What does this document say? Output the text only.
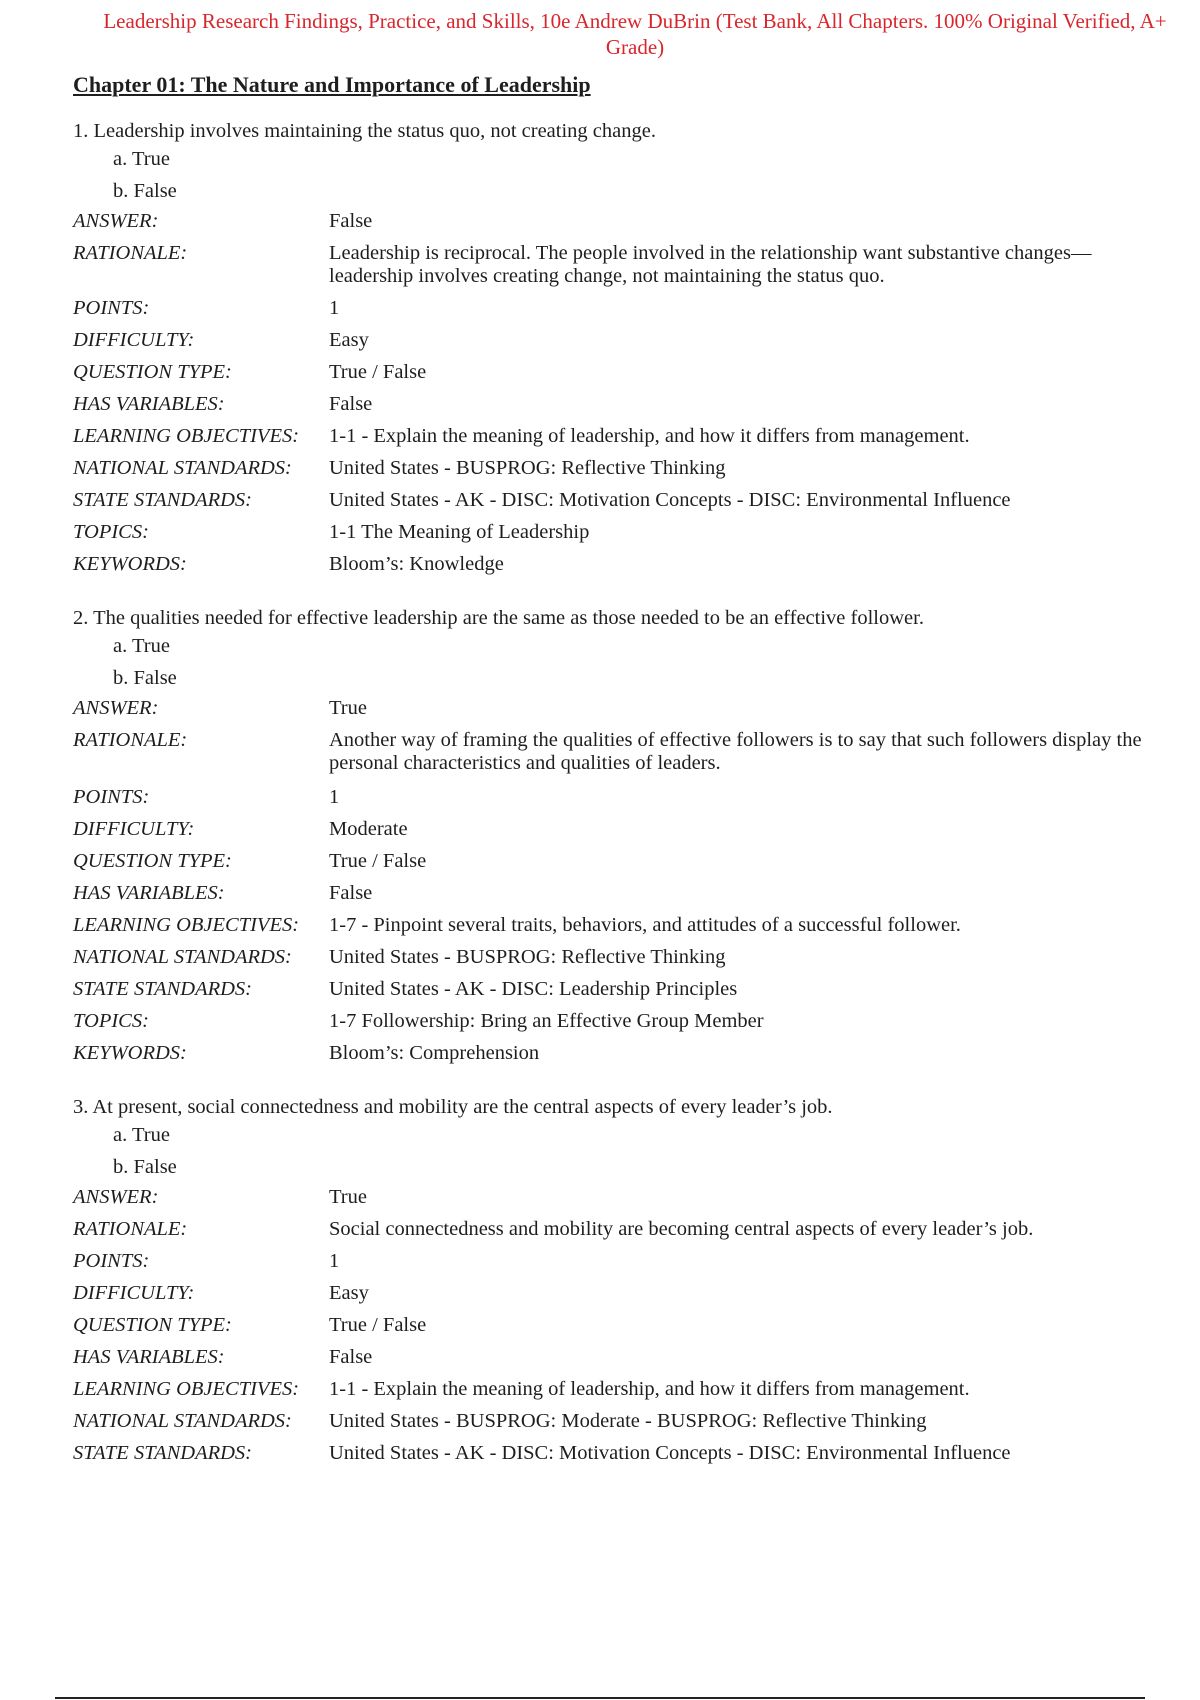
Leadership Research Findings, Practice, and Skills, 10e Andrew DuBrin (Test Bank, All Chapters. 100% Original Verified, A+ Grade)
Chapter 01: The Nature and Importance of Leadership
1. Leadership involves maintaining the status quo, not creating change.
a. True
b. False
ANSWER:	False
RATIONALE:	Leadership is reciprocal. The people involved in the relationship want substantive changes—leadership involves creating change, not maintaining the status quo.
POINTS:	1
DIFFICULTY:	Easy
QUESTION TYPE:	True / False
HAS VARIABLES:	False
LEARNING OBJECTIVES:	1-1 - Explain the meaning of leadership, and how it differs from management.
NATIONAL STANDARDS:	United States - BUSPROG: Reflective Thinking
STATE STANDARDS:	United States - AK - DISC: Motivation Concepts - DISC: Environmental Influence
TOPICS:	1-1 The Meaning of Leadership
KEYWORDS:	Bloom’s: Knowledge
2. The qualities needed for effective leadership are the same as those needed to be an effective follower.
a. True
b. False
ANSWER:	True
RATIONALE:	Another way of framing the qualities of effective followers is to say that such followers display the personal characteristics and qualities of leaders.
POINTS:	1
DIFFICULTY:	Moderate
QUESTION TYPE:	True / False
HAS VARIABLES:	False
LEARNING OBJECTIVES:	1-7 - Pinpoint several traits, behaviors, and attitudes of a successful follower.
NATIONAL STANDARDS:	United States - BUSPROG: Reflective Thinking
STATE STANDARDS:	United States - AK - DISC: Leadership Principles
TOPICS:	1-7 Followership: Bring an Effective Group Member
KEYWORDS:	Bloom’s: Comprehension
3. At present, social connectedness and mobility are the central aspects of every leader’s job.
a. True
b. False
ANSWER:	True
RATIONALE:	Social connectedness and mobility are becoming central aspects of every leader’s job.
POINTS:	1
DIFFICULTY:	Easy
QUESTION TYPE:	True / False
HAS VARIABLES:	False
LEARNING OBJECTIVES:	1-1 - Explain the meaning of leadership, and how it differs from management.
NATIONAL STANDARDS:	United States - BUSPROG: Moderate - BUSPROG: Reflective Thinking
STATE STANDARDS:	United States - AK - DISC: Motivation Concepts - DISC: Environmental Influence
